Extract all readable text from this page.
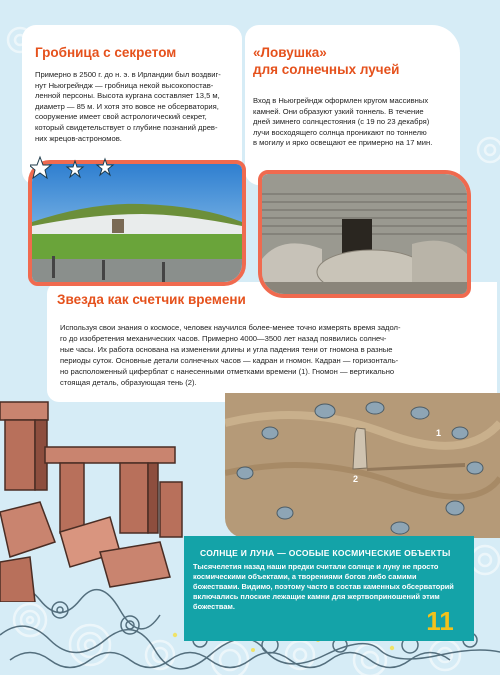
Гробница с секретом
Примерно в 2500 г. до н. э. в Ирландии был воздвиг-
нут Ньюгрейндж — гробница некой высокопостав-
ленной персоны. Высота кургана составляет 13,5 м,
диаметр — 85 м. И хотя это вовсе не обсерватория,
сооружение имеет свой астрологический секрет,
который свидетельствует о глубине познаний древ-
них жрецов-астрономов.
«Ловушка»
для солнечных лучей
Вход в Ньюгрейндж оформлен кругом массивных
камней. Они образуют узкий тоннель. В течение
дней зимнего солнцестояния (с 19 по 23 декабря)
лучи восходящего солнца проникают по тоннелю
в могилу и ярко освещают ее примерно на 17 мин.
Звезда как счетчик времени
Используя свои знания о космосе, человек научился более-менее точно измерять время задол-
го до изобретения механических часов. Примерно 4000—3500 лет назад появились солнеч-
ные часы. Их работа основана на изменении длины и угла падения тени от гномона в разные
периоды суток. Основные детали солнечных часов — кадран и гномон. Кадран — горизонталь-
но расположенный циферблат с нанесенными отметками времени (1). Гномон — вертикально
стоящая деталь, образующая тень (2).
1
2
СОЛНЦЕ И ЛУНА — ОСОБЫЕ КОСМИЧЕСКИЕ ОБЪЕКТЫ
Тысячелетия назад наши предки считали солнце и луну не просто
космическими объектами, а творениями богов либо самими
божествами. Видимо, поэтому часто в состав каменных обсерваторий
включались плоские лежащие камни для жертвоприношений этим
божествам.	11
